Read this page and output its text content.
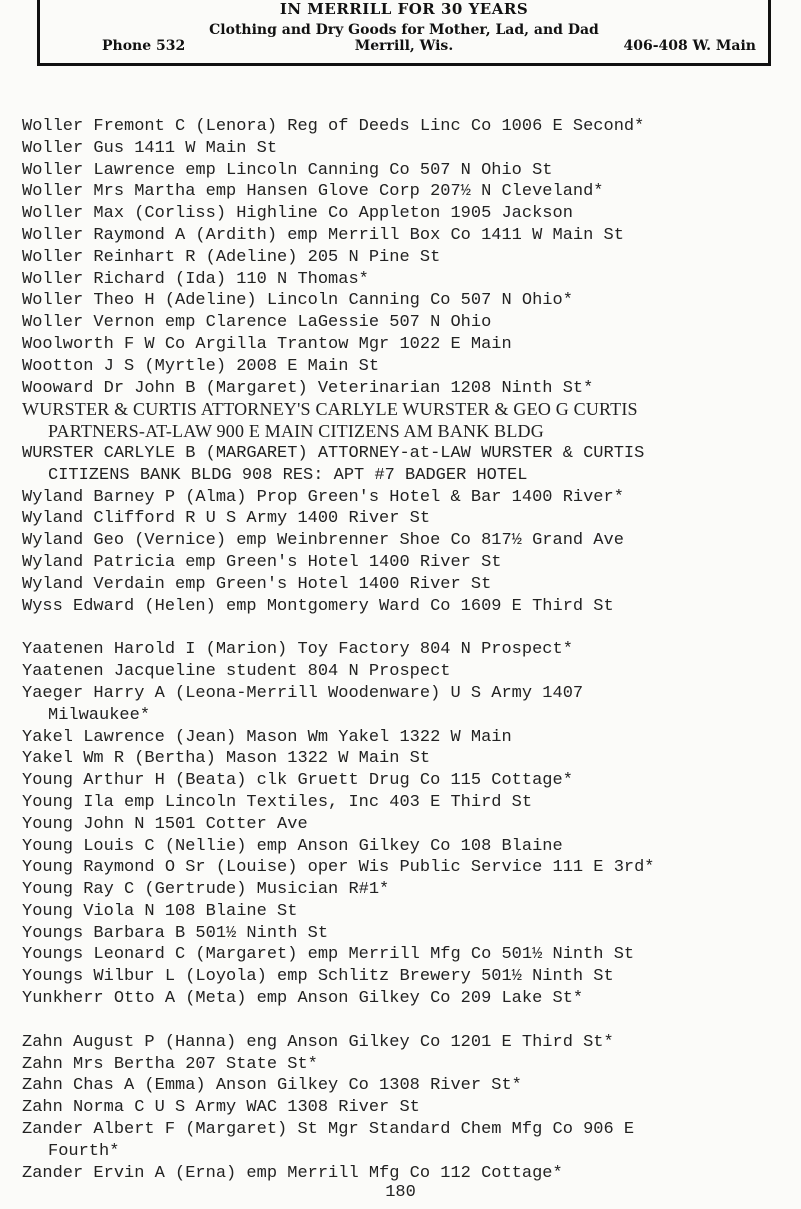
IN MERRILL FOR 30 YEARS
Clothing and Dry Goods for Mother, Lad, and Dad
Phone 532	Merrill, Wis.	406-408 W. Main
Woller Fremont C (Lenora) Reg of Deeds Linc Co 1006 E Second*
Woller Gus 1411 W Main St
Woller Lawrence emp Lincoln Canning Co 507 N Ohio St
Woller Mrs Martha emp Hansen Glove Corp 207½ N Cleveland*
Woller Max (Corliss) Highline Co Appleton 1905 Jackson
Woller Raymond A (Ardith) emp Merrill Box Co 1411 W Main St
Woller Reinhart R (Adeline) 205 N Pine St
Woller Richard (Ida) 110 N Thomas*
Woller Theo H (Adeline) Lincoln Canning Co 507 N Ohio*
Woller Vernon emp Clarence LaGessie 507 N Ohio
Woolworth F W Co Argilla Trantow Mgr 1022 E Main
Wootton J S (Myrtle) 2008 E Main St
Wooward Dr John B (Margaret) Veterinarian 1208 Ninth St*
WURSTER & CURTIS ATTORNEY'S CARLYLE WURSTER & GEO G CURTIS
PARTNERS-AT-LAW 900 E MAIN CITIZENS AM BANK BLDG
WURSTER CARLYLE B (MARGARET) ATTORNEY-at-LAW WURSTER & CURTIS
CITIZENS BANK BLDG 908 RES: APT #7 BADGER HOTEL
Wyland Barney P (Alma) Prop Green's Hotel & Bar 1400 River*
Wyland Clifford R U S Army 1400 River St
Wyland Geo (Vernice) emp Weinbrenner Shoe Co 817½ Grand Ave
Wyland Patricia emp Green's Hotel 1400 River St
Wyland Verdain emp Green's Hotel 1400 River St
Wyss Edward (Helen) emp Montgomery Ward Co 1609 E Third St
Yaatenen Harold I (Marion) Toy Factory 804 N Prospect*
Yaatenen Jacqueline student 804 N Prospect
Yaeger Harry A (Leona-Merrill Woodenware) U S Army 1407
Milwaukee*
Yakel Lawrence (Jean) Mason Wm Yakel 1322 W Main
Yakel Wm R (Bertha) Mason 1322 W Main St
Young Arthur H (Beata) clk Gruett Drug Co 115 Cottage*
Young Ila emp Lincoln Textiles, Inc 403 E Third St
Young John N 1501 Cotter Ave
Young Louis C (Nellie) emp Anson Gilkey Co 108 Blaine
Young Raymond O Sr (Louise) oper Wis Public Service 111 E 3rd*
Young Ray C (Gertrude) Musician R#1*
Young Viola N 108 Blaine St
Youngs Barbara B 501½ Ninth St
Youngs Leonard C (Margaret) emp Merrill Mfg Co 501½ Ninth St
Youngs Wilbur L (Loyola) emp Schlitz Brewery 501½ Ninth St
Yunkherr Otto A (Meta) emp Anson Gilkey Co 209 Lake St*
Zahn August P (Hanna) eng Anson Gilkey Co 1201 E Third St*
Zahn Mrs Bertha 207 State St*
Zahn Chas A (Emma) Anson Gilkey Co 1308 River St*
Zahn Norma C U S Army WAC 1308 River St
Zander Albert F (Margaret) St Mgr Standard Chem Mfg Co 906 E
Fourth*
Zander Ervin A (Erna) emp Merrill Mfg Co 112 Cottage*
180
